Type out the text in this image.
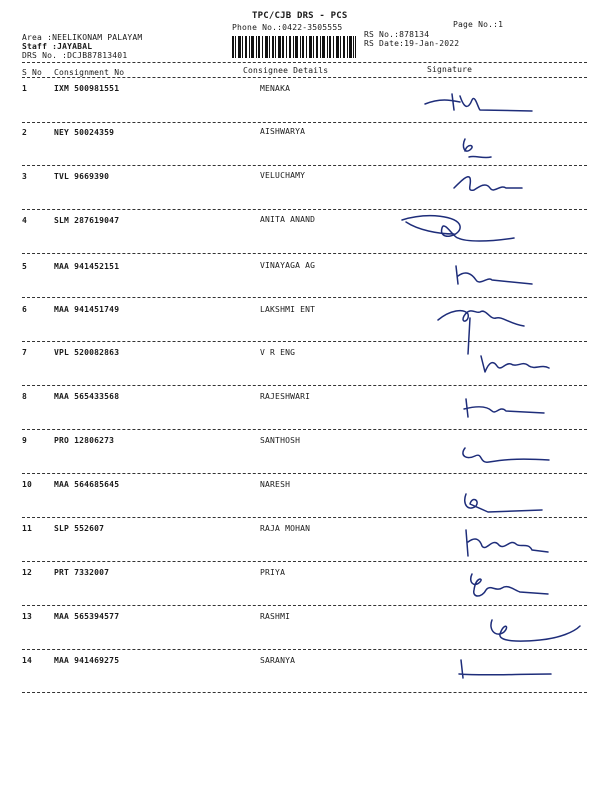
TPC/CJB DRS - PCS
Phone No.:0422-3505555	Page No.:1
Area :NEELIKONAM PALAYAM
Staff :JAYABAL
DRS No. :DCJB87813401
RS No.:878134
RS Date:19-Jan-2022
S No Consignment No	Consignee Details	Signature
1	IXM 500981551	MENAKA
2	NEY 50024359	AISHWARYA
3	TVL 9669390	VELUCHAMY
4	SLM 287619047	ANITA ANAND
5	MAA 941452151	VINAYAGA AG
6	MAA 941451749	LAKSHMI ENT
7	VPL 520082863	V R ENG
8	MAA 565433568	RAJESHWARI
9	PRO 12806273	SANTHOSH
10	MAA 564685645	NARESH
11	SLP 552607	RAJA MOHAN
12	PRT 7332007	PRIYA
13	MAA 565394577	RASHMI
14	MAA 941469275	SARANYA
